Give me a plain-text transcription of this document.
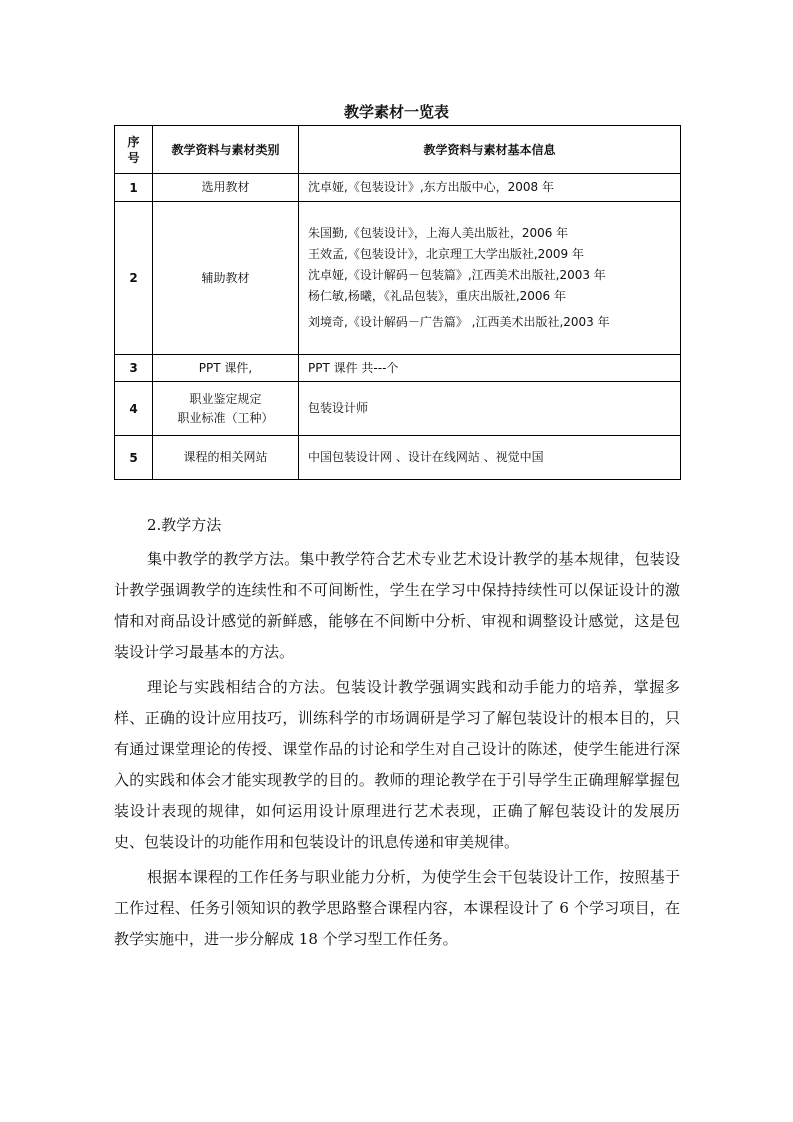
教学素材一览表
序
号	教学资料与素材类别	教学资料与素材基本信息
1	选用教材	沈卓娅,《包装设计》,东方出版中心，2008 年

2	辅助教材	朱国勤,《包装设计》，上海人美出版社，2006 年
王效孟,《包装设计》，北京理工大学出版社,2009 年
沈卓娅,《设计解码－包装篇》,江西美术出版社,2003 年
杨仁敏,杨曦，《礼品包装》，重庆出版社,2006 年
刘境奇,《设计解码－广告篇》 ,江西美术出版社,2003 年

3	PPT 课件,	PPT 课件 共---个

4	职业鉴定规定
职业标准（工种）	包装设计师

5	课程的相关网站	中国包装设计网 、设计在线网站 、视觉中国
2.教学方法

集中教学的教学方法。集中教学符合艺术专业艺术设计教学的基本规律，包装设计教学强调教学的连续性和不可间断性，学生在学习中保持持续性可以保证设计的激情和对商品设计感觉的新鲜感，能够在不间断中分析、审视和调整设计感觉，这是包装设计学习最基本的方法。

理论与实践相结合的方法。包装设计教学强调实践和动手能力的培养，掌握多样、正确的设计应用技巧，训练科学的市场调研是学习了解包装设计的根本目的，只有通过课堂理论的传授、课堂作品的讨论和学生对自己设计的陈述，使学生能进行深入的实践和体会才能实现教学的目的。教师的理论教学在于引导学生正确理解掌握包装设计表现的规律，如何运用设计原理进行艺术表现，正确了解包装设计的发展历史、包装设计的功能作用和包装设计的讯息传递和审美规律。

根据本课程的工作任务与职业能力分析，为使学生会干包装设计工作，按照基于工作过程、任务引领知识的教学思路整合课程内容，本课程设计了 6 个学习项目，在教学实施中，进一步分解成 18 个学习型工作任务。
